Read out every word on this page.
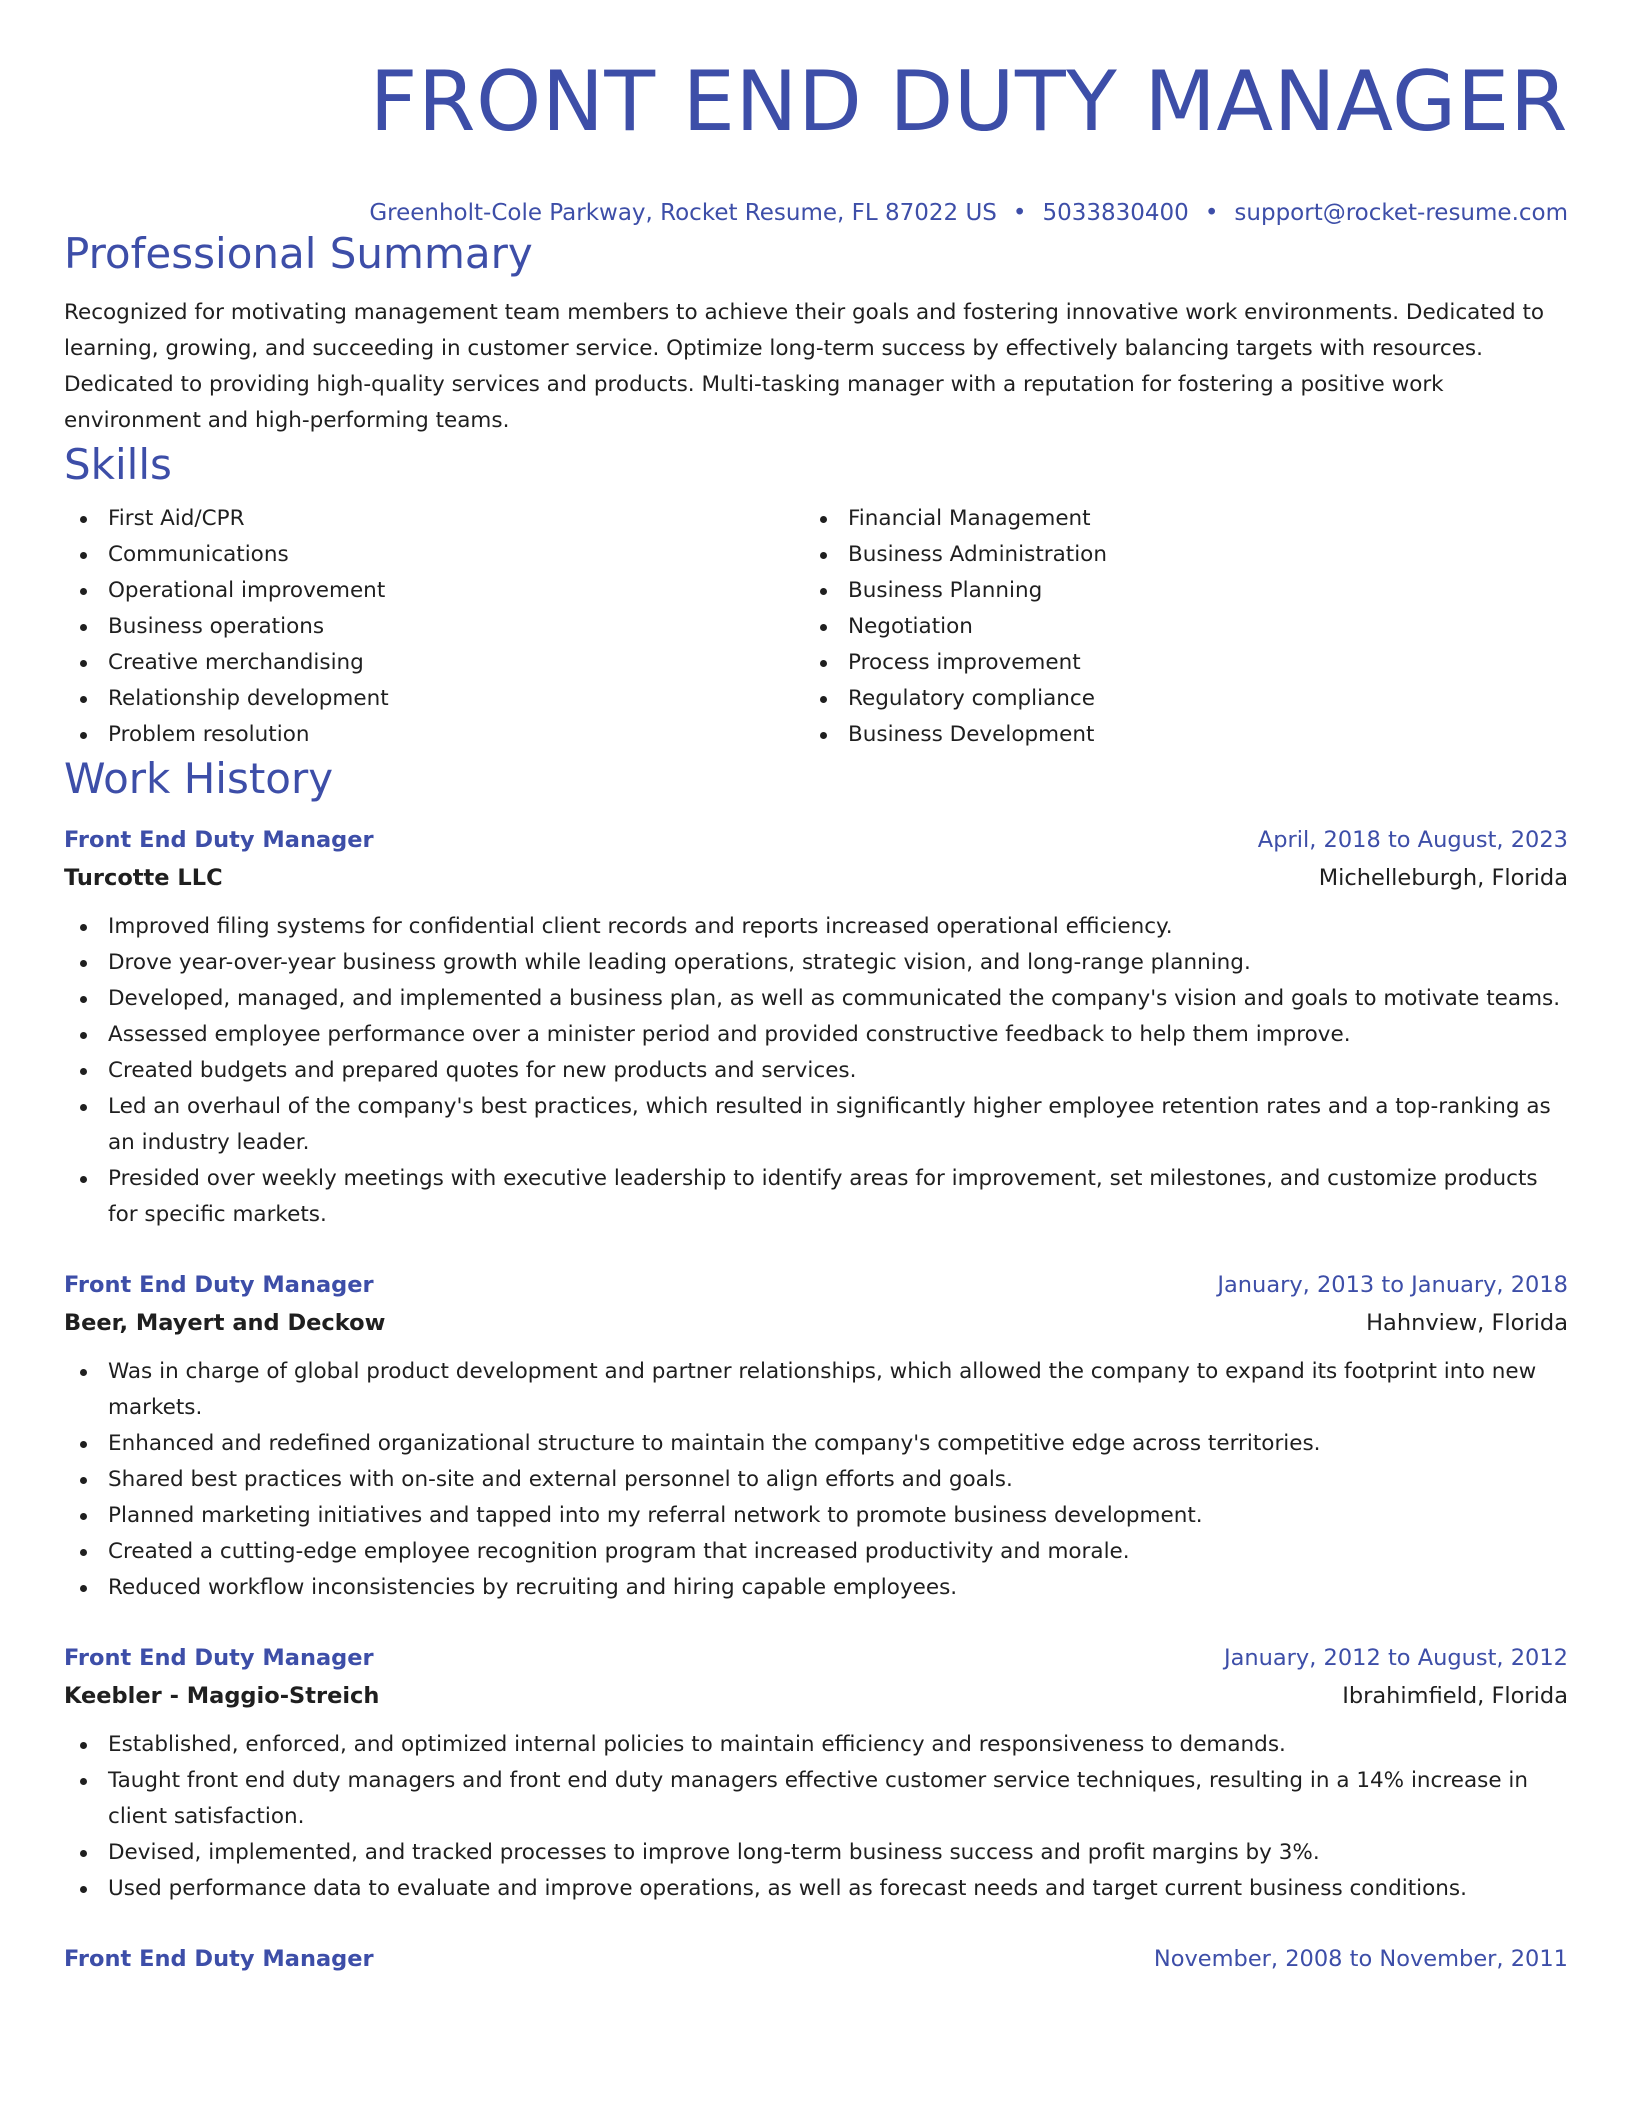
FRONT END DUTY MANAGER
Greenholt-Cole Parkway, Rocket Resume, FL 87022 US • 5033830400 • support@rocket-resume.com
Professional Summary
Recognized for motivating management team members to achieve their goals and fostering innovative work environments. Dedicated to learning, growing, and succeeding in customer service. Optimize long-term success by effectively balancing targets with resources. Dedicated to providing high-quality services and products. Multi-tasking manager with a reputation for fostering a positive work environment and high-performing teams.
Skills
First Aid/CPR
Communications
Operational improvement
Business operations
Creative merchandising
Relationship development
Problem resolution
Financial Management
Business Administration
Business Planning
Negotiation
Process improvement
Regulatory compliance
Business Development
Work History
Front End Duty Manager	April, 2018 to August, 2023
Turcotte LLC	Michelleburgh, Florida
Improved filing systems for confidential client records and reports increased operational efficiency.
Drove year-over-year business growth while leading operations, strategic vision, and long-range planning.
Developed, managed, and implemented a business plan, as well as communicated the company's vision and goals to motivate teams.
Assessed employee performance over a minister period and provided constructive feedback to help them improve.
Created budgets and prepared quotes for new products and services.
Led an overhaul of the company's best practices, which resulted in significantly higher employee retention rates and a top-ranking as an industry leader.
Presided over weekly meetings with executive leadership to identify areas for improvement, set milestones, and customize products for specific markets.
Front End Duty Manager	January, 2013 to January, 2018
Beer, Mayert and Deckow	Hahnview, Florida
Was in charge of global product development and partner relationships, which allowed the company to expand its footprint into new markets.
Enhanced and redefined organizational structure to maintain the company's competitive edge across territories.
Shared best practices with on-site and external personnel to align efforts and goals.
Planned marketing initiatives and tapped into my referral network to promote business development.
Created a cutting-edge employee recognition program that increased productivity and morale.
Reduced workflow inconsistencies by recruiting and hiring capable employees.
Front End Duty Manager	January, 2012 to August, 2012
Keebler - Maggio-Streich	Ibrahimfield, Florida
Established, enforced, and optimized internal policies to maintain efficiency and responsiveness to demands.
Taught front end duty managers and front end duty managers effective customer service techniques, resulting in a 14% increase in client satisfaction.
Devised, implemented, and tracked processes to improve long-term business success and profit margins by 3%.
Used performance data to evaluate and improve operations, as well as forecast needs and target current business conditions.
Front End Duty Manager	November, 2008 to November, 2011
